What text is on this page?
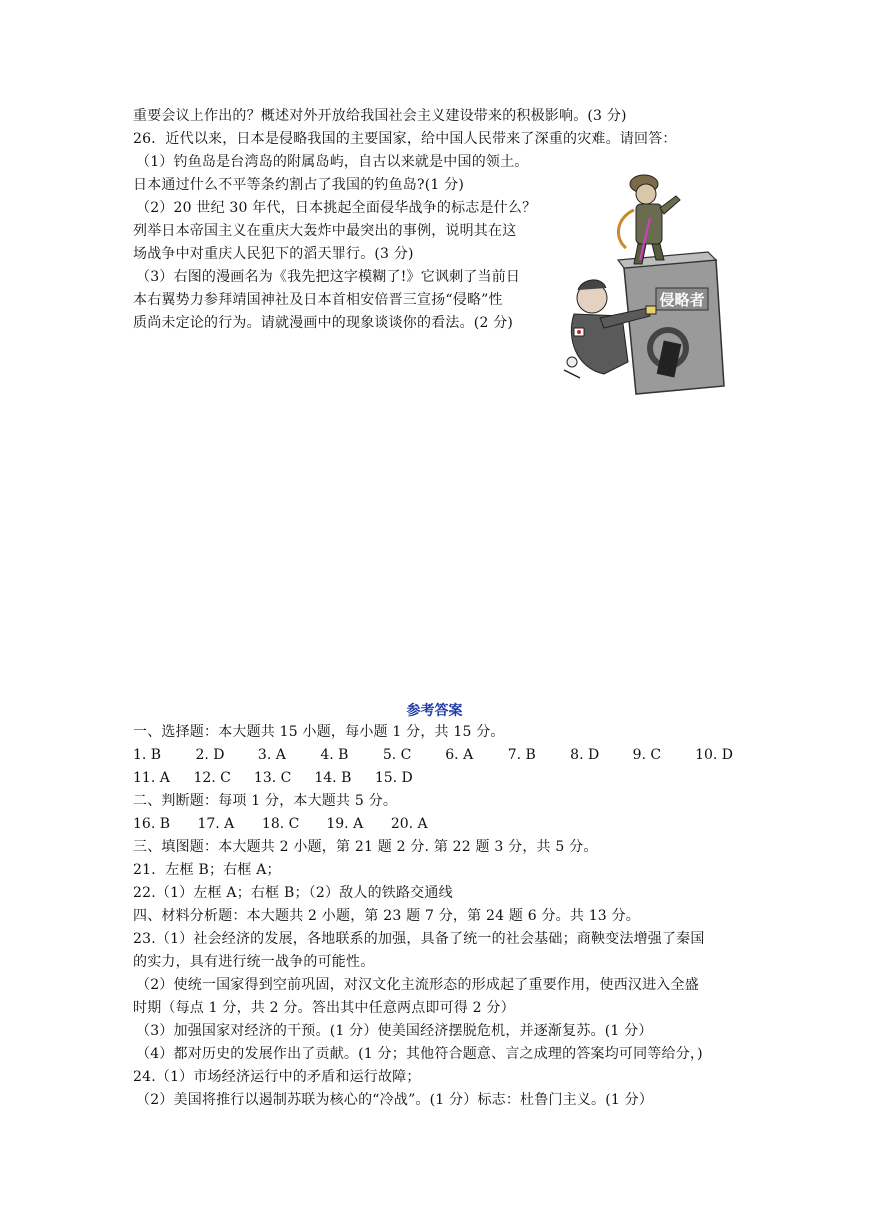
重要会议上作出的？概述对外开放给我国社会主义建设带来的积极影响。(3 分)
26．近代以来，日本是侵略我国的主要国家，给中国人民带来了深重的灾难。请回答：
（1）钓鱼岛是台湾岛的附属岛屿，自古以来就是中国的领土。
日本通过什么不平等条约割占了我国的钓鱼岛?(1 分)
（2）20 世纪 30 年代，日本挑起全面侵华战争的标志是什么？
列举日本帝国主义在重庆大轰炸中最突出的事例，说明其在这
场战争中对重庆人民犯下的滔天罪行。(3 分)
（3）右图的漫画名为《我先把这字模糊了!》它讽刺了当前日
本右翼势力参拜靖国神社及日本首相安倍晋三宣扬“侵略”性
质尚未定论的行为。请就漫画中的现象谈谈你的看法。(2 分)
侵略者
参考答案
一、选择题：本大题共 15 小题，每小题 1 分，共 15 分。
1. B 2. D 3. A 4. B 5. C 6. A 7. B 8. D 9. C 10. D
11. A 12. C 13. C 14. B 15. D
二、判断题：每项 1 分，本大题共 5 分。
16. B 17. A 18. C 19. A 20. A
三、填图题：本大题共 2 小题，第 21 题 2 分. 第 22 题 3 分，共 5 分。
21．左框 B；右框 A；
22.（1）左框 A；右框 B；（2）敌人的铁路交通线
四、材料分析题：本大题共 2 小题，第 23 题 7 分，第 24 题 6 分。共 13 分。
23.（1）社会经济的发展，各地联系的加强，具备了统一的社会基础；商鞅变法增强了秦国
的实力，具有进行统一战争的可能性。
（2）使统一国家得到空前巩固，对汉文化主流形态的形成起了重要作用，使西汉进入全盛
时期（每点 1 分，共 2 分。答出其中任意两点即可得 2 分）
（3）加强国家对经济的干预。(1 分）使美国经济摆脱危机，并逐渐复苏。(1 分）
（4）都对历史的发展作出了贡献。(1 分；其他符合题意、言之成理的答案均可同等给分，)
24.（1）市场经济运行中的矛盾和运行故障；
（2）美国将推行以遏制苏联为核心的“冷战”。(1 分）标志：杜鲁门主义。(1 分）
